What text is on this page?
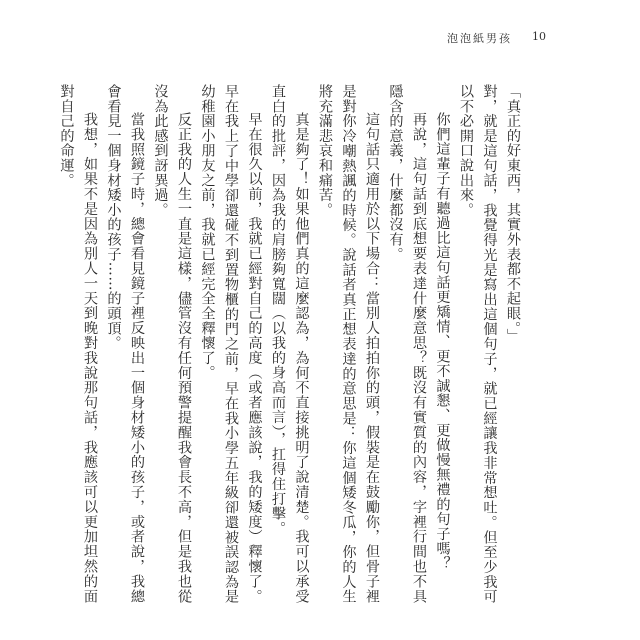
泡泡紙男孩 10

「真正的好東西，其實外表都不起眼。」

對，就是這句話，我覺得光是寫出這個句子，就已經讓我非常想吐。但至少我可以不必開口說出來。

你們這輩子有聽過比這句話更矯情、更不誠懇、更做慢無禮的句子嗎？

再說，這句話到底想要表達什麼意思？既沒有實質的內容，字裡行間也不具隱含的意義，什麼都沒有。

這句話只適用於以下場合：當別人拍拍你的頭，假裝是在鼓勵你，但骨子裡是對你冷嘲熱諷的時候。說話者真正想表達的意思是：你這個矮冬瓜，你的人生將充滿悲哀和痛苦。

真是夠了！如果他們真的這麼認為，為何不直接挑明了說清楚。我可以承受直白的批評，因為我的肩膀夠寬闊（以我的身高而言），扛得住打擊。

早在很久以前，我就已經對自己的高度（或者應該說，我的矮度）釋懷了。早在我上了中學卻還碰不到置物櫃的門之前，早在我小學五年級卻還被誤認為是幼稚園小朋友之前，我就已經完全全釋懷了。

反正我的人生一直是這樣，儘管沒有任何預警提醒我會長不高，但是我也從沒為此感到訝異過。

當我照鏡子時，總會看見鏡子裡反映出一個身材矮小的孩子，或者說，我總會看見一個身材矮小的孩子……的頭頂。

我想，如果不是因為別人一天到晚對我說那句話，我應該可以更加坦然的面對自己的命運。
